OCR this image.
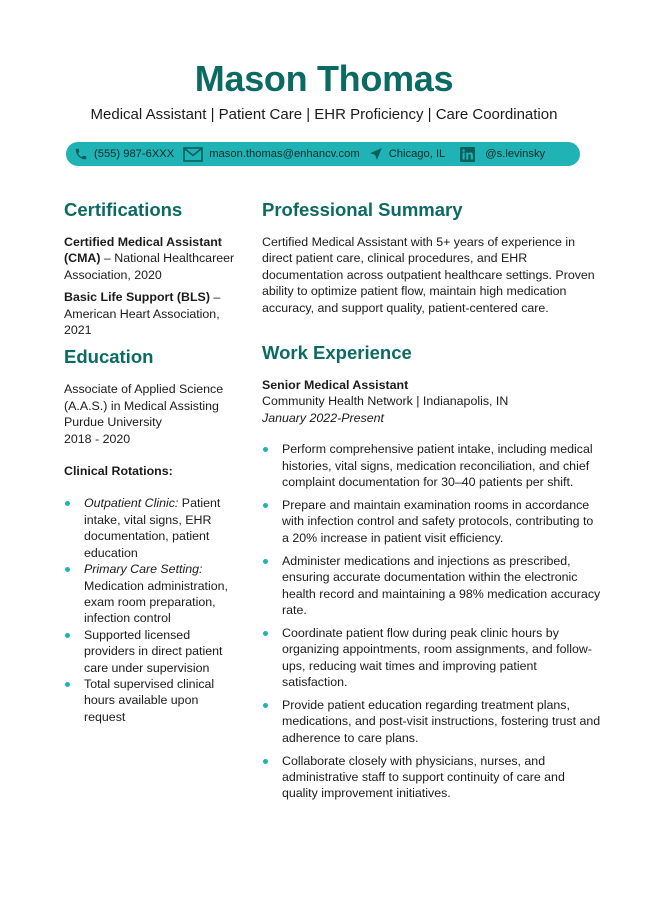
Mason Thomas
Medical Assistant | Patient Care | EHR Proficiency | Care Coordination
(555) 987-6XXX	mason.thomas@enhancv.com	Chicago, IL	@s.levinsky
Certifications
Certified Medical Assistant (CMA) – National Healthcareer Association, 2020
Basic Life Support (BLS) – American Heart Association, 2021
Education
Associate of Applied Science (A.A.S.) in Medical Assisting
Purdue University
2018 - 2020
Clinical Rotations:
Outpatient Clinic: Patient intake, vital signs, EHR documentation, patient education
Primary Care Setting: Medication administration, exam room preparation, infection control
Supported licensed providers in direct patient care under supervision
Total supervised clinical hours available upon request
Professional Summary
Certified Medical Assistant with 5+ years of experience in direct patient care, clinical procedures, and EHR documentation across outpatient healthcare settings. Proven ability to optimize patient flow, maintain high medication accuracy, and support quality, patient-centered care.
Work Experience
Senior Medical Assistant
Community Health Network | Indianapolis, IN
January 2022-Present
Perform comprehensive patient intake, including medical histories, vital signs, medication reconciliation, and chief complaint documentation for 30–40 patients per shift.
Prepare and maintain examination rooms in accordance with infection control and safety protocols, contributing to a 20% increase in patient visit efficiency.
Administer medications and injections as prescribed, ensuring accurate documentation within the electronic health record and maintaining a 98% medication accuracy rate.
Coordinate patient flow during peak clinic hours by organizing appointments, room assignments, and follow-ups, reducing wait times and improving patient satisfaction.
Provide patient education regarding treatment plans, medications, and post-visit instructions, fostering trust and adherence to care plans.
Collaborate closely with physicians, nurses, and administrative staff to support continuity of care and quality improvement initiatives.
